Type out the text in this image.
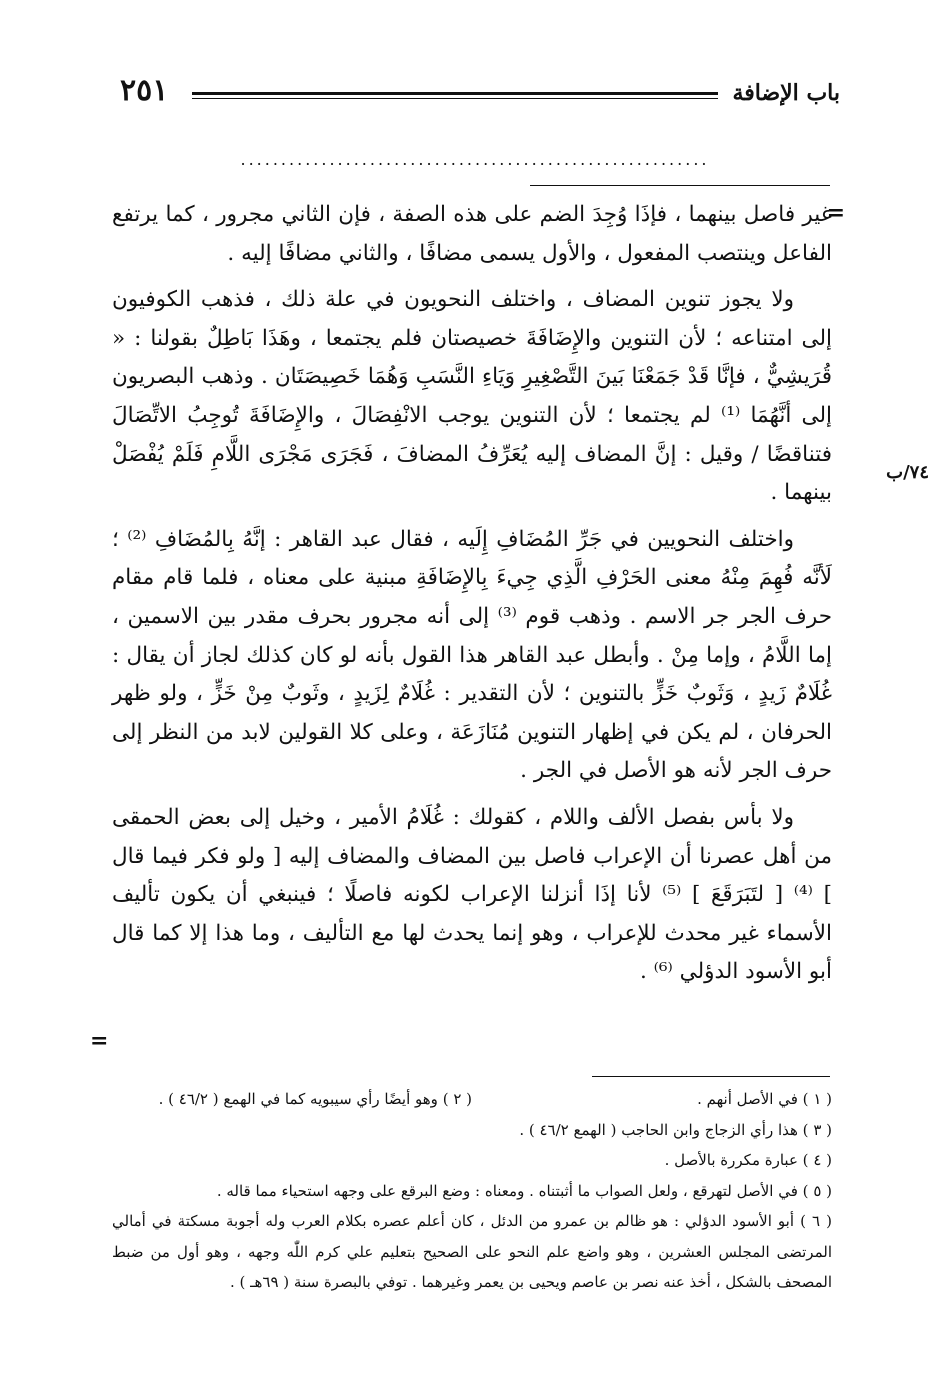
٢٥١	باب الإضافة
..........................................................
=
٧٤/ب

غير فاصل بينهما ، فإذَا وُجِدَ الضم على هذه الصفة ، فإن الثاني مجرور ، كما يرتفع الفاعل وينتصب المفعول ، والأول يسمى مضافًا ، والثاني مضافًا إليه .

ولا يجوز تنوين المضاف ، واختلف النحويون في علة ذلك ، فذهب الكوفيون إلى امتناعه ؛ لأن التنوين والإِضَافَةَ خصيصتان فلم يجتمعا ، وهَذَا بَاطِلٌ بقولنا : « قُرَيشِيٌّ ، فإنَّا قَدْ جَمَعْنَا بَينَ التَّصْغِيرِ وَيَاءِ النَّسَبِ وَهُمَا خَصِيصَتَان . وذهب البصريون إلى أنَّهُمَا ⁽¹⁾ لم يجتمعا ؛ لأن التنوين يوجب الانْفِصَالَ ، والإِضَافَةَ تُوجِبُ الاتِّصَالَ فتناقضًا / وقيل : إنَّ المضاف إليه يُعَرِّفُ المضافَ ، فَجَرَى مَجْرَى اللَّامِ فَلَمْ يُفْصَلْ بينهما .

واختلف النحويين في جَرِّ المُضَافِ إِلَيه ، فقال عبد القاهر : إنَّهُ بِالمُضَافِ ⁽²⁾ ؛ لَأنَّه فُهِمَ مِنْهُ معنى الحَرْفِ الَّذِي جِيءَ بِالإِضَافَةِ مبنية على معناه ، فلما قام مقام حرف الجر جر الاسم . وذهب قوم ⁽³⁾ إلى أنه مجرور بحرف مقدر بين الاسمين ، إما اللَّامُ ، وإما مِنْ . وأبطل عبد القاهر هذا القول بأنه لو كان كذلك لجاز أن يقال : غُلَامٌ زَيدٍ ، وَثَوبٌ خَزٍّ بالتنوين ؛ لأن التقدير : غُلَامٌ لِزَيدٍ ، وثَوبٌ مِنْ خَزٍّ ، ولو ظهر الحرفان ، لم يكن في إظهار التنوين مُنَازَعَة ، وعلى كلا القولين لابد من النظر إلى حرف الجر لأنه هو الأصل في الجر .

ولا بأس بفصل الألف واللام ، كقولك : غُلَامُ الأمير ، وخيل إلى بعض الحمقى من أهل عصرنا أن الإعراب فاصل بين المضاف والمضاف إليه [ ولو فكر فيما قال ] ⁽⁴⁾ [ لتَبَرَقَعَ ] ⁽⁵⁾ لأنا إذَا أنزلنا الإعراب لكونه فاصلًا ؛ فينبغي أن يكون تأليف الأسماء غير محدث للإعراب ، وهو إنما يحدث لها مع التأليف ، وما هذا إلا كما قال أبو الأسود الدؤلي ⁽⁶⁾ .

=

( ١ ) في الأصل أنهم .

( ٢ ) وهو أيضًا رأي سيبويه كما في الهمع ( ٤٦/٢ ) .

( ٣ ) هذا رأي الزجاج وابن الحاجب ( الهمع ٤٦/٢ ) .

( ٤ ) عبارة مكررة بالأصل .

( ٥ ) في الأصل لتهرقع ، ولعل الصواب ما أثبتناه . ومعناه : وضع البرقع على وجهه استحياء مما قاله .

( ٦ ) أبو الأسود الدؤلي : هو ظالم بن عمرو من الدئل ، كان أعلم عصره بكلام العرب وله أجوبة مسكتة في أمالي المرتضى المجلس العشرين ، وهو واضع علم النحو على الصحيح بتعليم علي كرم اللّٰه وجهه ، وهو أول من ضبط المصحف بالشكل ، أخذ عنه نصر بن عاصم ويحيى بن يعمر وغيرهما . توفي بالبصرة سنة ( ٦٩هـ ) .
